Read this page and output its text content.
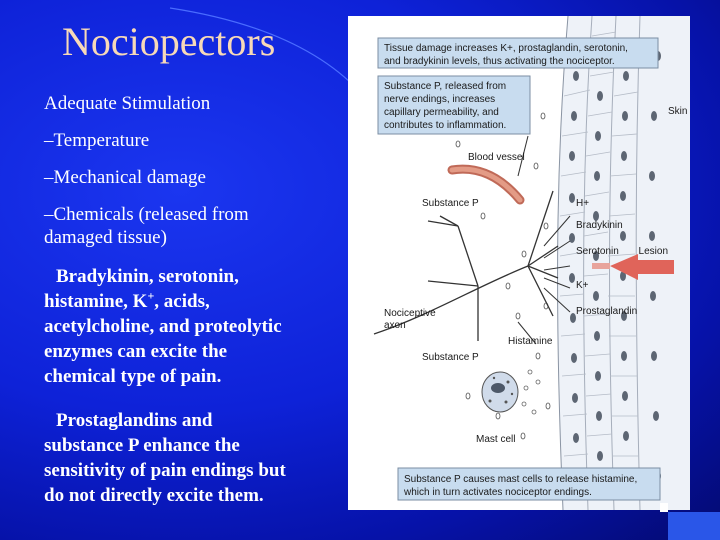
Nociopectors
Adequate Stimulation
–Temperature
–Mechanical damage
–Chemicals (released from
damaged tissue)
Bradykinin, serotonin,
histamine, K+, acids,
acetylcholine, and proteolytic
enzymes can excite the
chemical type of pain.
Prostaglandins and
substance P enhance the
sensitivity of pain endings but
do not directly excite them.
Tissue damage increases K+, prostaglandin, serotonin,
and bradykinin levels, thus activating the nociceptor.
Substance P, released from
nerve endings, increases
capillary permeability, and
contributes to inflammation.
Substance P causes mast cells to release histamine,
which in turn activates nociceptor endings.
Skin
Blood vessel
Substance P	H+
Bradykinin
Serotonin
K+
Prostaglandin
Lesion
Nociceptive
axon
Histamine
Substance P
Mast cell
